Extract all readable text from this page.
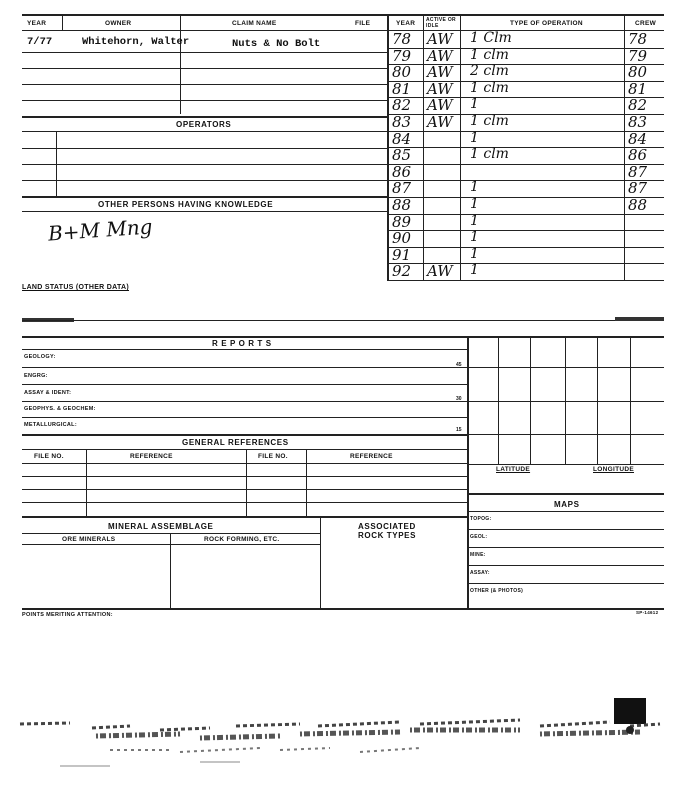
YEAR	OWNER	CLAIM NAME	FILE	YEAR ACTIVE OR IDLE	TYPE OF OPERATION	CREW
7/77	Whitehorn, Walter	Nuts & No Bolt
OPERATORS
OTHER PERSONS HAVING KNOWLEDGE
B+M Mng
78 AW 1 Clm	78
79 AW 1 clm	79
80 AW 2 clm	80
81 AW 1 clm	81
82 AW 1	82
83 AW 1 clm	83
84	1	84
85	1 clm	86
86	87
87	1	87
88	1	88
89	1
90	1
91	1
92 AW 1
LAND STATUS (OTHER DATA)
R E P O R T S
GEOLOGY:
45
ENGRG:
ASSAY & IDENT:
30
GEOPHYS. & GEOCHEM:
METALLURGICAL:
15
GENERAL REFERENCES
FILE NO.	REFERENCE	FILE NO.	REFERENCE
LATITUDE	LONGITUDE
MAPS
TOPOG:
GEOL:
MINE:
ASSAY:
OTHER (& PHOTOS)
MINERAL ASSEMBLAGE
ORE MINERALS	ROCK FORMING, ETC.
ASSOCIATED
ROCK TYPES
POINTS MERITING ATTENTION:	SP-14612
